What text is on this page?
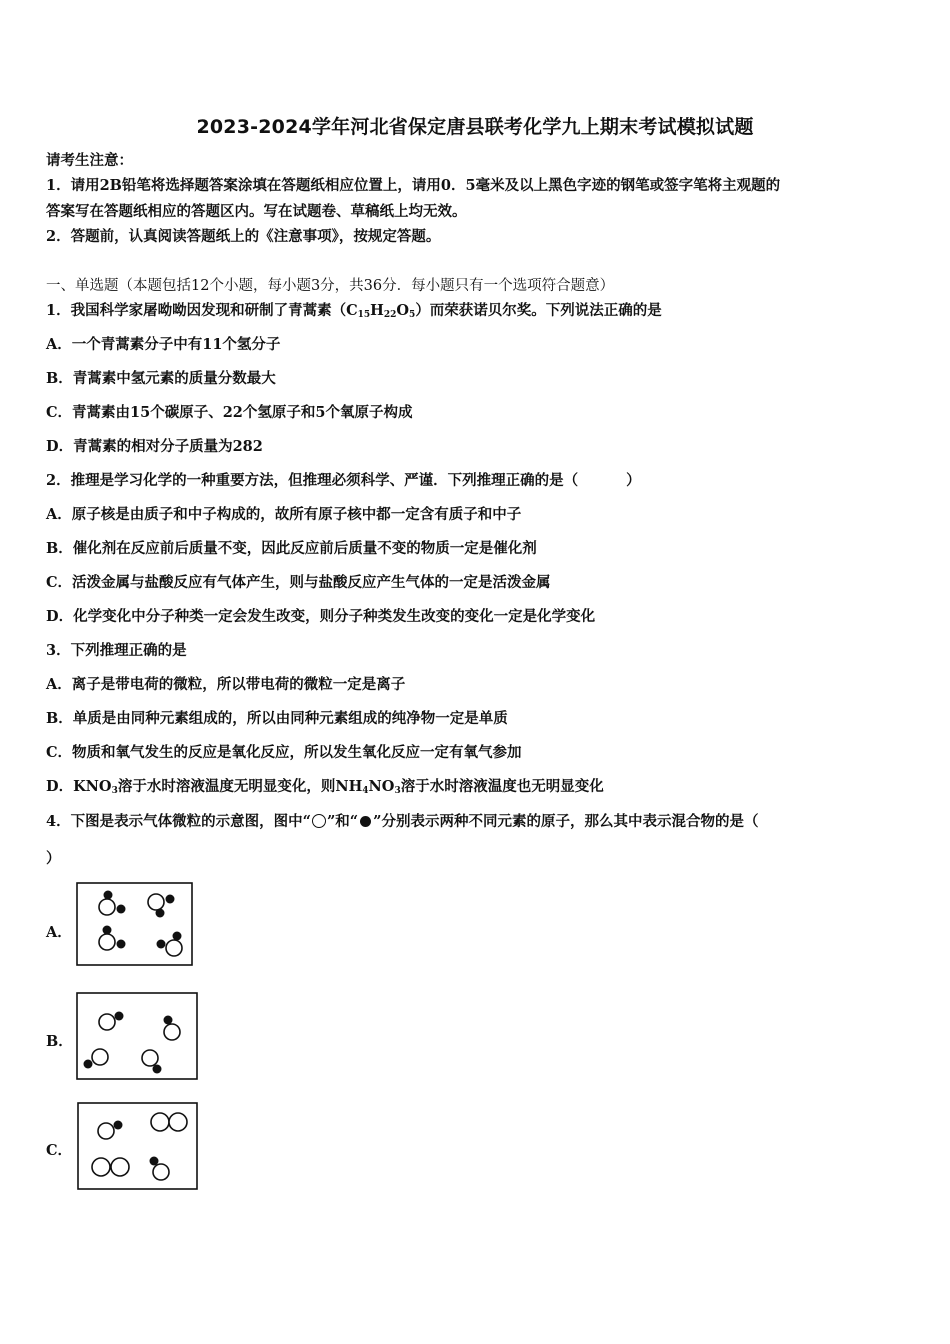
2023-2024学年河北省保定唐县联考化学九上期末考试模拟试题
请考生注意：
1．请用2B铅笔将选择题答案涂填在答题纸相应位置上，请用0．5毫米及以上黑色字迹的钢笔或签字笔将主观题的
答案写在答题纸相应的答题区内。写在试题卷、草稿纸上均无效。
2．答题前，认真阅读答题纸上的《注意事项》，按规定答题。
一、单选题（本题包括12个小题，每小题3分，共36分．每小题只有一个选项符合题意）
1．我国科学家屠呦呦因发现和研制了青蒿素$(C_{15}H_{22}O_5)$而荣获诺贝尔奖。下列说法正确的是
A．一个青蒿素分子中有11个氢分子
B．青蒿素中氢元素的质量分数最大
C．青蒿素由15个碳原子、22个氢原子和5个氧原子构成
D．青蒿素的相对分子质量为282
2．推理是学习化学的一种重要方法，但推理必须科学、严谨．下列推理正确的是（	）
A．原子核是由质子和中子构成的，故所有原子核中都一定含有质子和中子
B．催化剂在反应前后质量不变，因此反应前后质量不变的物质一定是催化剂
C．活泼金属与盐酸反应有气体产生，则与盐酸反应产生气体的一定是活泼金属
D．化学变化中分子种类一定会发生改变，则分子种类发生改变的变化一定是化学变化
3．下列推理正确的是
A．离子是带电荷的微粒，所以带电荷的微粒一定是离子
B．单质是由同种元素组成的，所以由同种元素组成的纯净物一定是单质
C．物质和氧气发生的反应是氧化反应，所以发生氧化反应一定有氧气参加
D．$KNO_3$溶于水时溶液温度无明显变化，则$NH_4NO_3$溶于水时溶液温度也无明显变化
4．下图是表示气体微粒的示意图，图中“ ”和“ ”分别表示两种不同元素的原子，那么其中表示混合物的是（
）
A．
B．
C．
